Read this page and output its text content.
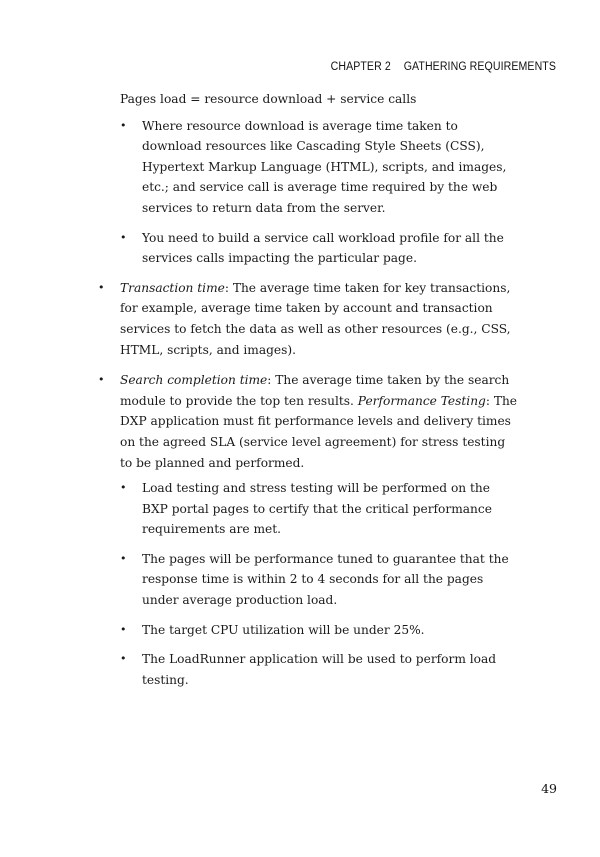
CHAPTER 2 GATHERING REQUIREMENTS

Pages load = resource download + service calls

• Where resource download is average time taken to download resources like Cascading Style Sheets (CSS), Hypertext Markup Language (HTML), scripts, and images, etc.; and service call is average time required by the web services to return data from the server.
• You need to build a service call workload profile for all the services calls impacting the particular page.
• Transaction time: The average time taken for key transactions, for example, average time taken by account and transaction services to fetch the data as well as other resources (e.g., CSS, HTML, scripts, and images).
• Search completion time: The average time taken by the search module to provide the top ten results. Performance Testing: The DXP application must fit performance levels and delivery times on the agreed SLA (service level agreement) for stress testing to be planned and performed.
• Load testing and stress testing will be performed on the BXP portal pages to certify that the critical performance requirements are met.
• The pages will be performance tuned to guarantee that the response time is within 2 to 4 seconds for all the pages under average production load.
• The target CPU utilization will be under 25%.
• The LoadRunner application will be used to perform load testing.
49
